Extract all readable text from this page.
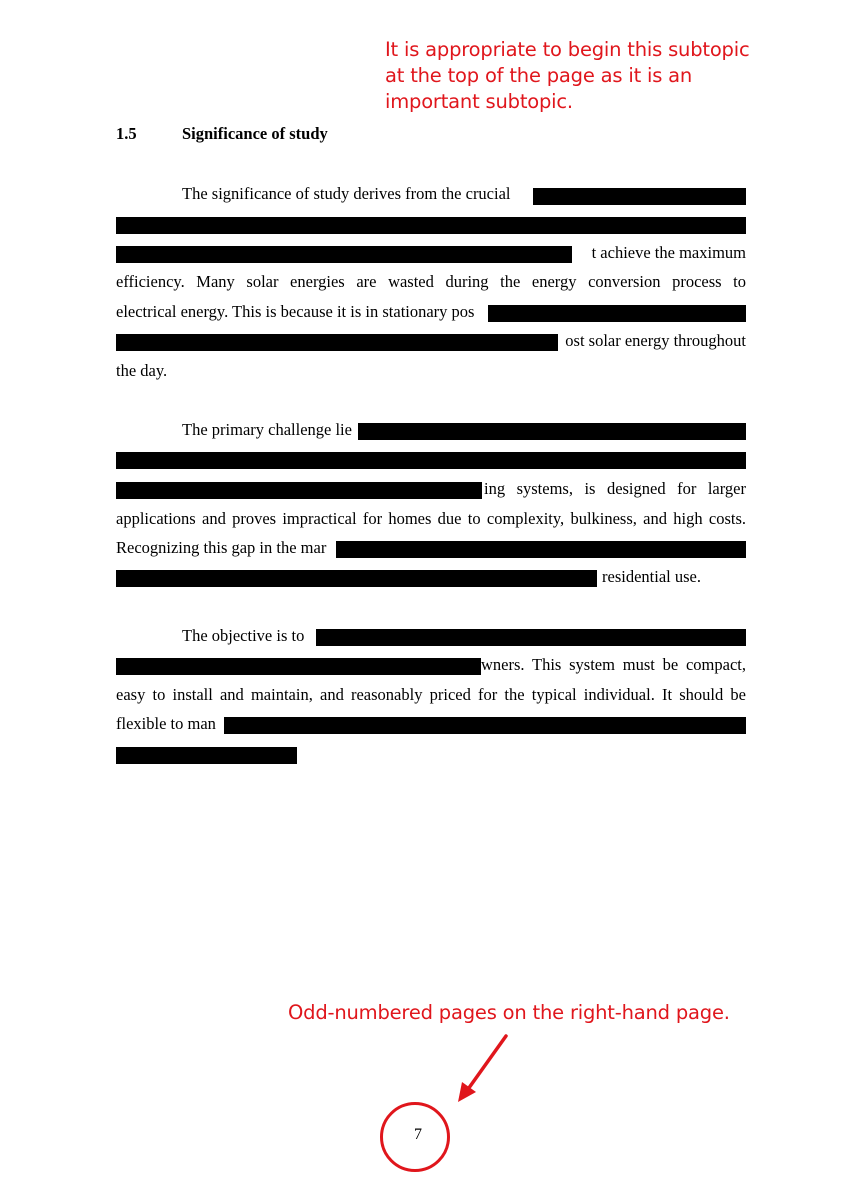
It is appropriate to begin this subtopic at the top of the page as it is an important subtopic.
1.5	Significance of study
The significance of study derives from the crucial
t achieve the maximum
efficiency. Many solar energies are wasted during the energy conversion process to
electrical energy. This is because it is in stationary pos
ost solar energy throughout
the day.
The primary challenge lie
ing systems, is designed for larger
applications and proves impractical for homes due to complexity, bulkiness, and high costs.
Recognizing this gap in the mar
residential use.
The objective is to
wners. This system must be compact,
easy to install and maintain, and reasonably priced for the typical individual. It should be
flexible to man
Odd-numbered pages on the right-hand page.
7
